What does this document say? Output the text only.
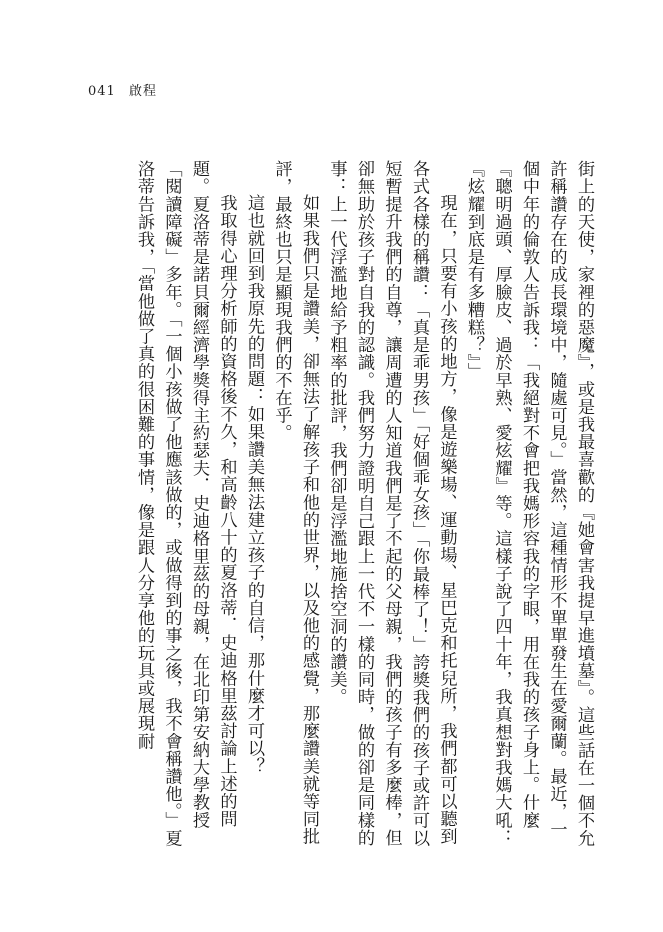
041 啟程

街上的天使，家裡的惡魔』，或是我最喜歡的『她會害我提早進墳墓』。這些話在一個不允許稱讚存在的成長環境中，隨處可見。」當然，這種情形不單單發生在愛爾蘭。最近，一個中年的倫敦人告訴我：「我絕對不會把我媽形容我的字眼，用在我的孩子身上。什麼『聰明過頭、厚臉皮、過於早熟、愛炫耀』等。這樣子說了四十年，我真想對我媽大吼：『炫耀到底是有多糟糕？』」

現在，只要有小孩的地方，像是遊樂場、運動場、星巴克和托兒所，我們都可以聽到各式各樣的稱讚：「真是乖男孩」「好個乖女孩」「你最棒了！」誇獎我們的孩子或許可以短暫提升我們的自尊，讓周遭的人知道我們是了不起的父母親，我們的孩子有多麼棒，但卻無助於孩子對自我的認識。我們努力證明自己跟上一代不一樣的同時，做的卻是同樣的事：上一代浮濫地給予粗率的批評，我們卻是浮濫地施捨空洞的讚美。

如果我們只是讚美，卻無法了解孩子和他的世界，以及他的感覺，那麼讚美就等同批評，最終也只是顯現我們的不在乎。

這也就回到我原先的問題：如果讚美無法建立孩子的自信，那什麼才可以？

我取得心理分析師的資格後不久，和高齡八十的夏洛蒂．史迪格里茲討論上述的問題。夏洛蒂是諾貝爾經濟學獎得主約瑟夫．史迪格里茲的母親，在北印第安納大學教授「閱讀障礙」多年。「一個小孩做了他應該做的，或做得到的事之後，我不會稱讚他。」夏洛蒂告訴我，「當他做了真的很困難的事情，像是跟人分享他的玩具或展現耐
